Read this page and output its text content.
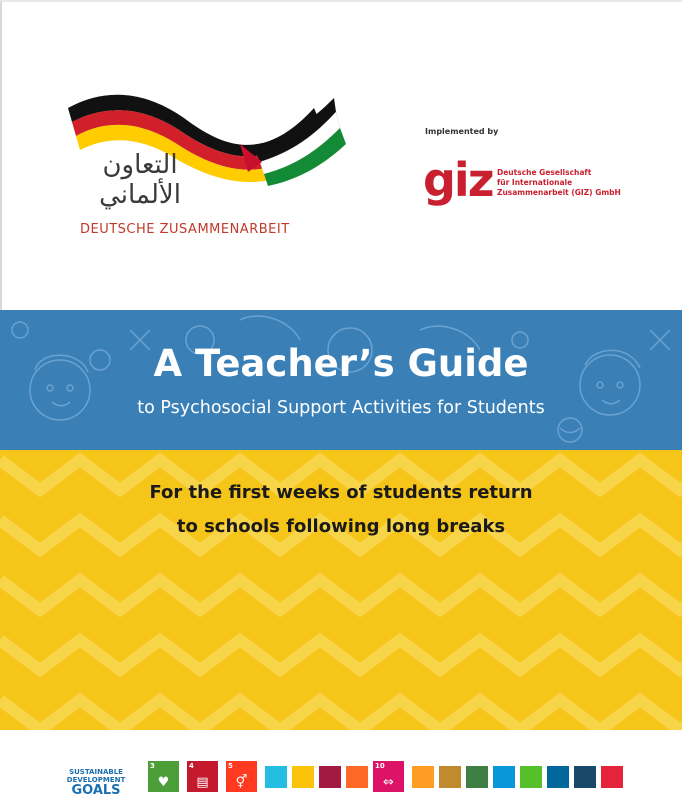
التعاون الألماني
DEUTSCHE ZUSAMMENARBEIT
Implemented by
giz Deutsche Gesellschaft
für Internationale
Zusammenarbeit (GIZ) GmbH
A Teacher’s Guide
to Psychosocial Support Activities for Students
For the first weeks of students return
to schools following long breaks
SUSTAINABLE
DEVELOPMENT
GOALS
3
♥
4
▤
5
⚥
10
⇔
